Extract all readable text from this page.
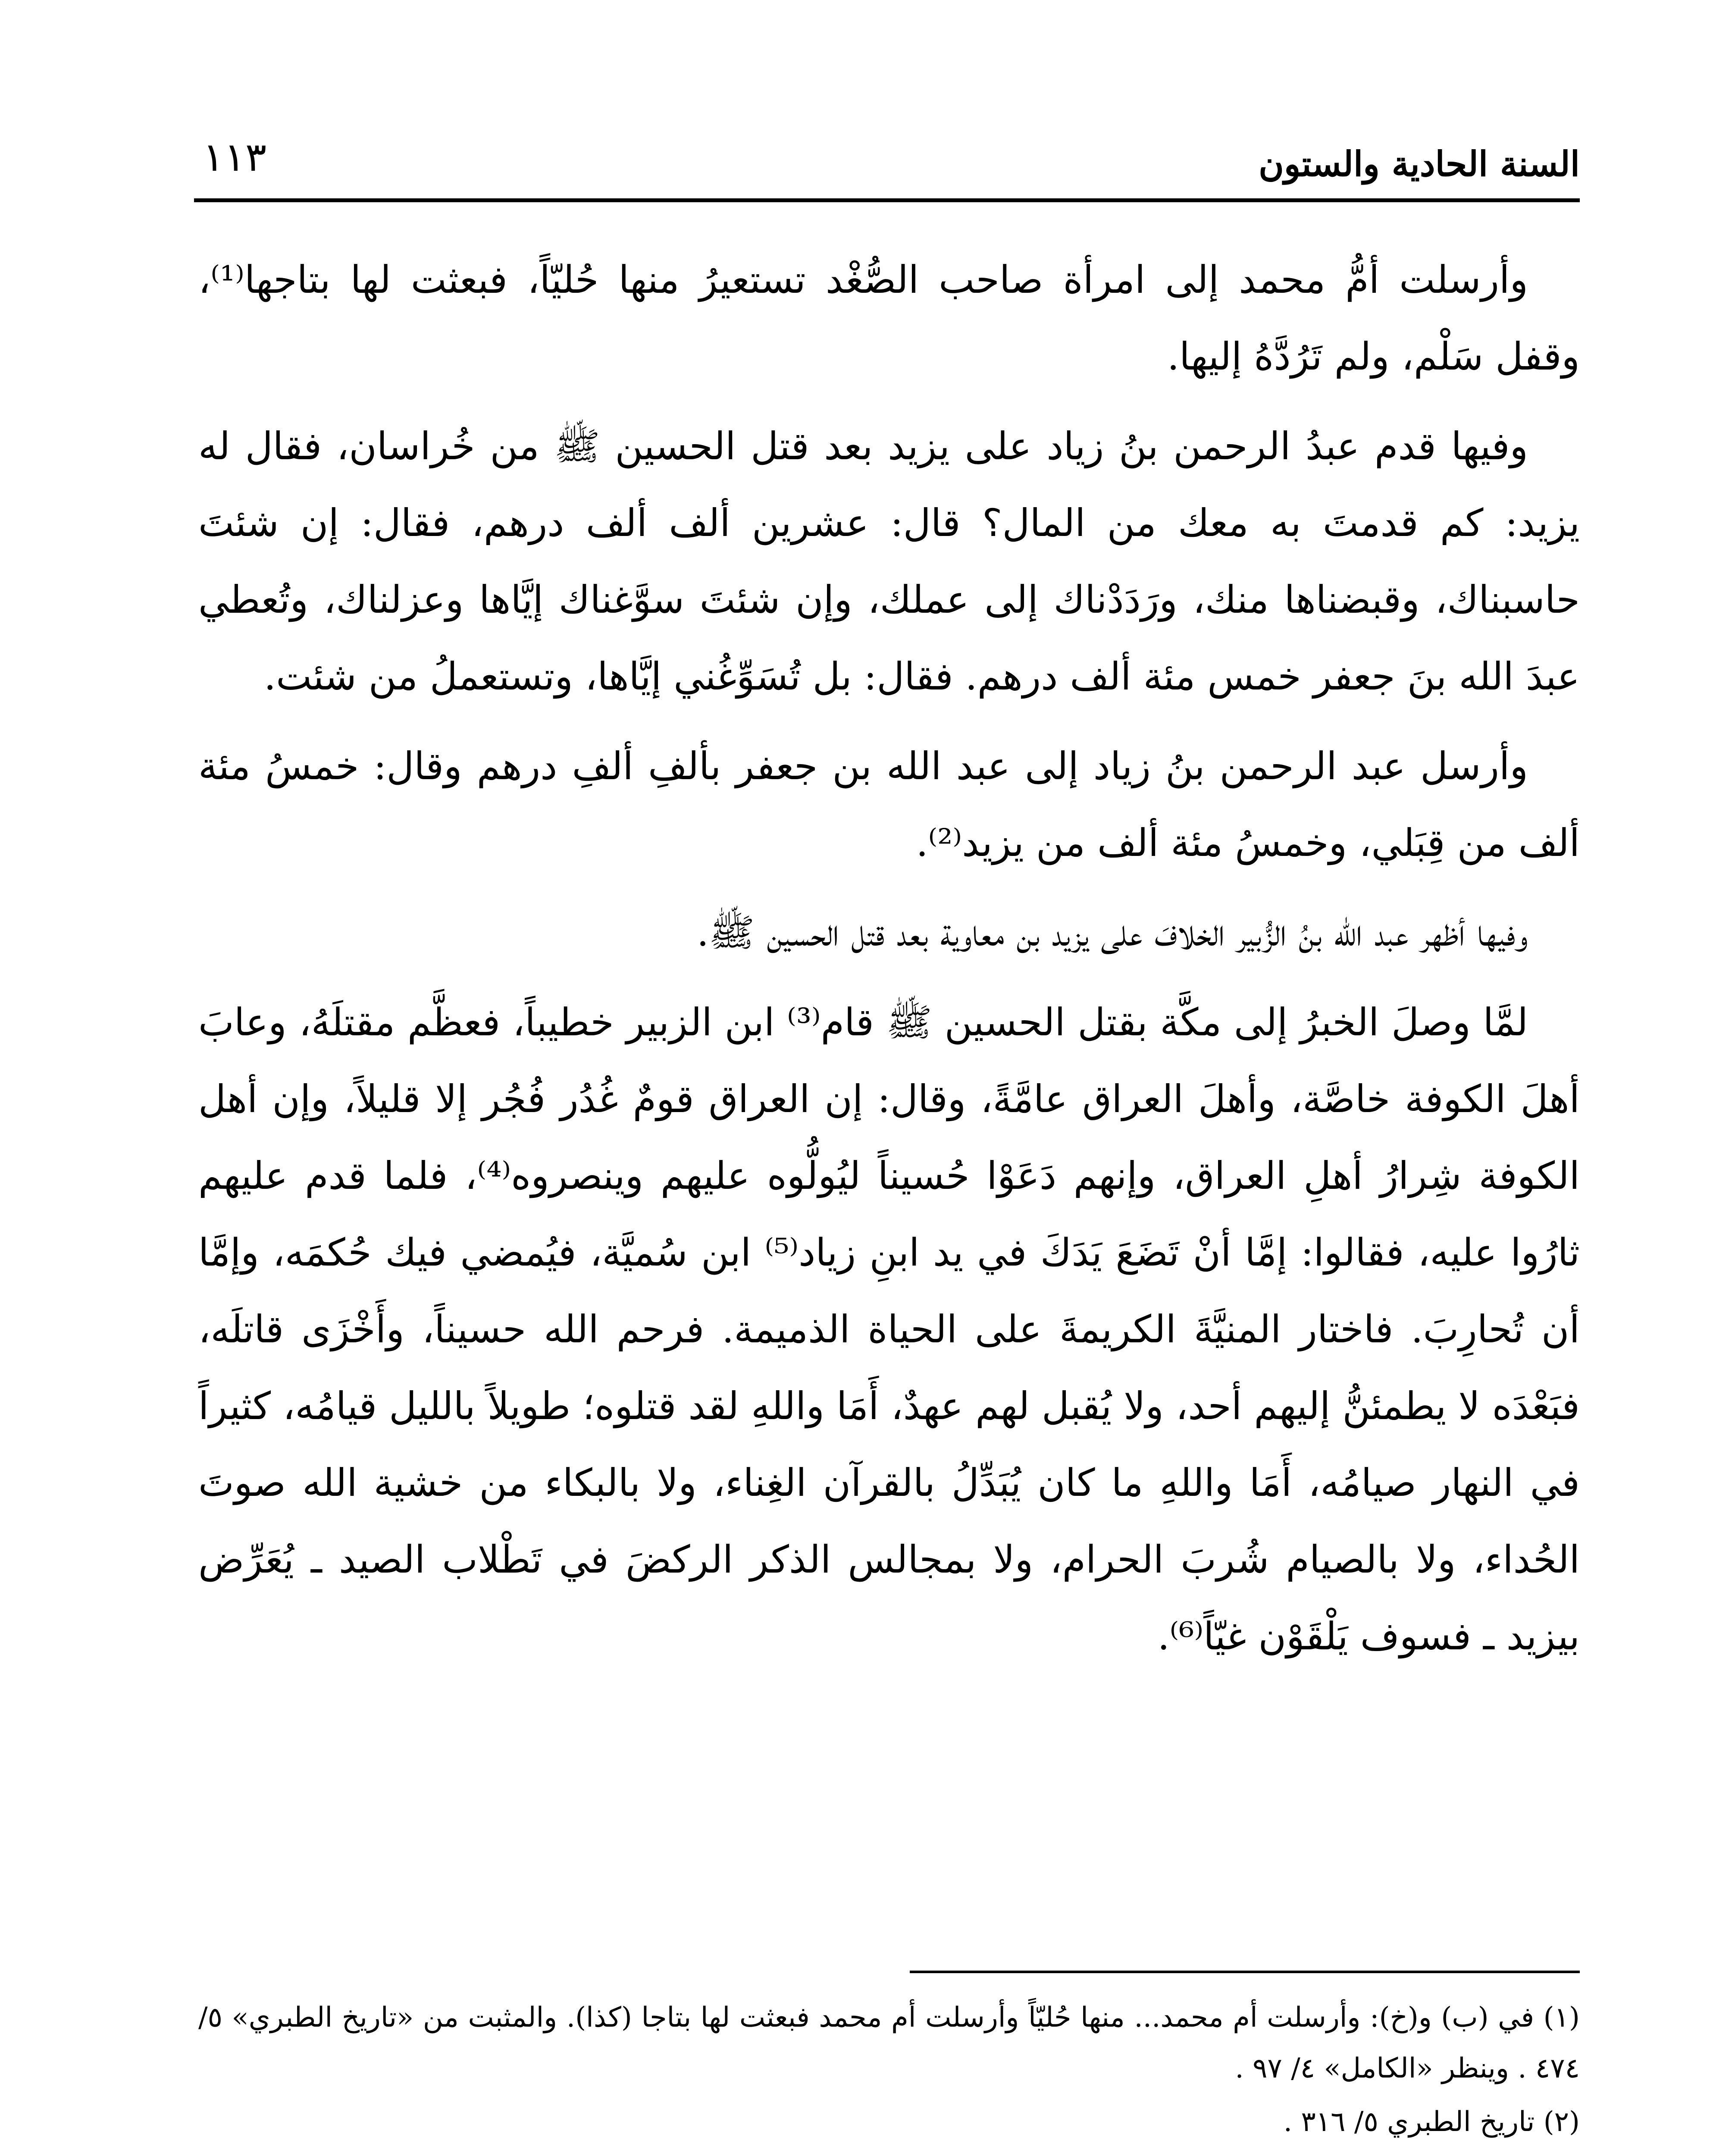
السنة الحادية والستون
١١٣

وأرسلت أمُّ محمد إلى امرأة صاحب الصُّغْد تستعيرُ منها حُليّاً، فبعثت لها بتاجها⁽¹⁾، وقفل سَلْم، ولم تَرُدَّهُ إليها.

وفيها قدم عبدُ الرحمن بنُ زياد على يزيد بعد قتل الحسين ﷺ من خُراسان، فقال له يزيد: كم قدمتَ به معك من المال؟ قال: عشرين ألف ألف درهم، فقال: إن شئتَ حاسبناك، وقبضناها منك، ورَدَدْناك إلى عملك، وإن شئتَ سوَّغناك إيَّاها وعزلناك، وتُعطي عبدَ الله بنَ جعفر خمس مئة ألف درهم. فقال: بل تُسَوِّغُني إيَّاها، وتستعملُ من شئت.

وأرسل عبد الرحمن بنُ زياد إلى عبد الله بن جعفر بألفِ ألفِ درهم وقال: خمسُ مئة ألف من قِبَلي، وخمسُ مئة ألف من يزيد⁽²⁾.

وفيها أظهر عبد الله بنُ الزُّبير الخلافَ على يزيد بن معاوية بعد قتل الحسين ﷺ.

لمَّا وصلَ الخبرُ إلى مكَّة بقتل الحسين ﷺ قام⁽³⁾ ابن الزبير خطيباً، فعظَّم مقتلَهُ، وعابَ أهلَ الكوفة خاصَّة، وأهلَ العراق عامَّةً، وقال: إن العراق قومٌ غُدُر فُجُر إلا قليلاً، وإن أهل الكوفة شِرارُ أهلِ العراق، وإنهم دَعَوْا حُسيناً ليُولُّوه عليهم وينصروه⁽⁴⁾، فلما قدم عليهم ثارُوا عليه، فقالوا: إمَّا أنْ تَضَعَ يَدَكَ في يد ابنِ زياد⁽⁵⁾ ابن سُميَّة، فيُمضي فيك حُكمَه، وإمَّا أن تُحارِبَ. فاختار المنيَّةَ الكريمةَ على الحياة الذميمة. فرحم الله حسيناً، وأَخْزَى قاتلَه، فبَعْدَه لا يطمئنُّ إليهم أحد، ولا يُقبل لهم عهدٌ، أَمَا واللهِ لقد قتلوه؛ طويلاً بالليل قيامُه، كثيراً في النهار صيامُه، أَمَا واللهِ ما كان يُبَدِّلُ بالقرآن الغِناء، ولا بالبكاء من خشية الله صوتَ الحُداء، ولا بالصيام شُربَ الحرام، ولا بمجالس الذكر الركضَ في تَطْلاب الصيد ـ يُعَرِّض بيزيد ـ فسوف يَلْقَوْن غيّاً⁽⁶⁾.

(١) في (ب) و(خ): وأرسلت أم محمد... منها حُليّاً وأرسلت أم محمد فبعثت لها بتاجا (كذا). والمثبت من «تاريخ الطبري» ٥/ ٤٧٤ . وينظر «الكامل» ٤/ ٩٧ .

(٢) تاريخ الطبري ٥/ ٣١٦ .
